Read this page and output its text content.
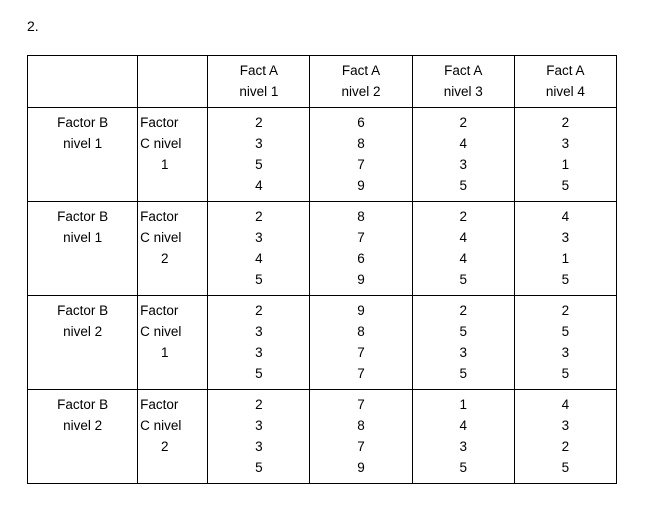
2.
		Fact A
nivel 1	Fact A
nivel 2	Fact A
nivel 3	Fact A
nivel 4
Factor B
nivel 1	Factor
C nivel
1	2
3
5
4	6
8
7
9	2
4
3
5	2
3
1
5

Factor B
nivel 1	Factor
C nivel
2	2
3
4
5	8
7
6
9	2
4
4
5	4
3
1
5

Factor B
nivel 2	Factor
C nivel
1	2
3
3
5	9
8
7
7	2
5
3
5	2
5
3
5

Factor B
nivel 2	Factor
C nivel
2	2
3
3
5	7
8
7
9	1
4
3
5	4
3
2
5
